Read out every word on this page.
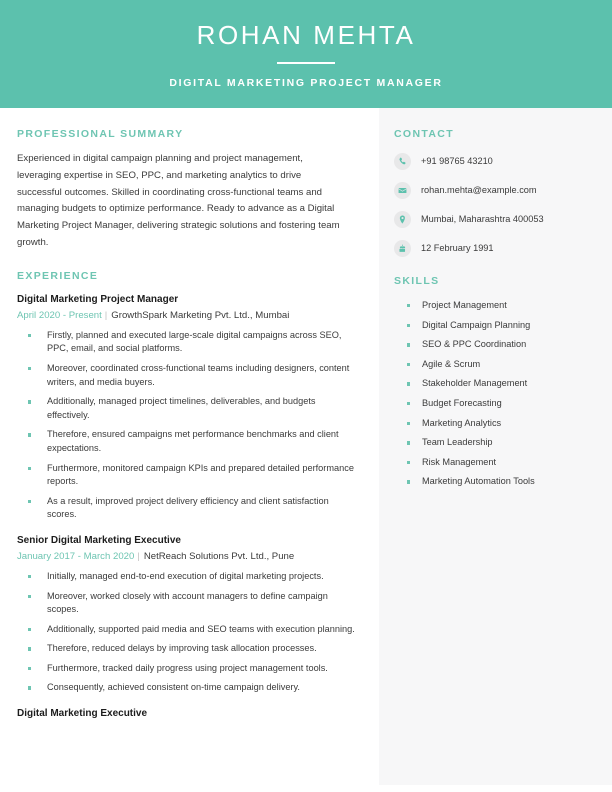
ROHAN MEHTA
DIGITAL MARKETING PROJECT MANAGER
PROFESSIONAL SUMMARY

Experienced in digital campaign planning and project management, leveraging expertise in SEO, PPC, and marketing analytics to drive successful outcomes. Skilled in coordinating cross-functional teams and managing budgets to optimize performance. Ready to advance as a Digital Marketing Project Manager, delivering strategic solutions and fostering team growth.

EXPERIENCE
Digital Marketing Project Manager
April 2020 - Present | GrowthSpark Marketing Pvt. Ltd., Mumbai
Firstly, planned and executed large-scale digital campaigns across SEO, PPC, email, and social platforms.
Moreover, coordinated cross-functional teams including designers, content writers, and media buyers.
Additionally, managed project timelines, deliverables, and budgets effectively.
Therefore, ensured campaigns met performance benchmarks and client expectations.
Furthermore, monitored campaign KPIs and prepared detailed performance reports.
As a result, improved project delivery efficiency and client satisfaction scores.
Senior Digital Marketing Executive
January 2017 - March 2020 | NetReach Solutions Pvt. Ltd., Pune
Initially, managed end-to-end execution of digital marketing projects.
Moreover, worked closely with account managers to define campaign scopes.
Additionally, supported paid media and SEO teams with execution planning.
Therefore, reduced delays by improving task allocation processes.
Furthermore, tracked daily progress using project management tools.
Consequently, achieved consistent on-time campaign delivery.
Digital Marketing Executive
CONTACT
+91 98765 43210
rohan.mehta@example.com
Mumbai, Maharashtra 400053
12 February 1991
SKILLS
Project Management
Digital Campaign Planning
SEO & PPC Coordination
Agile & Scrum
Stakeholder Management
Budget Forecasting
Marketing Analytics
Team Leadership
Risk Management
Marketing Automation Tools
